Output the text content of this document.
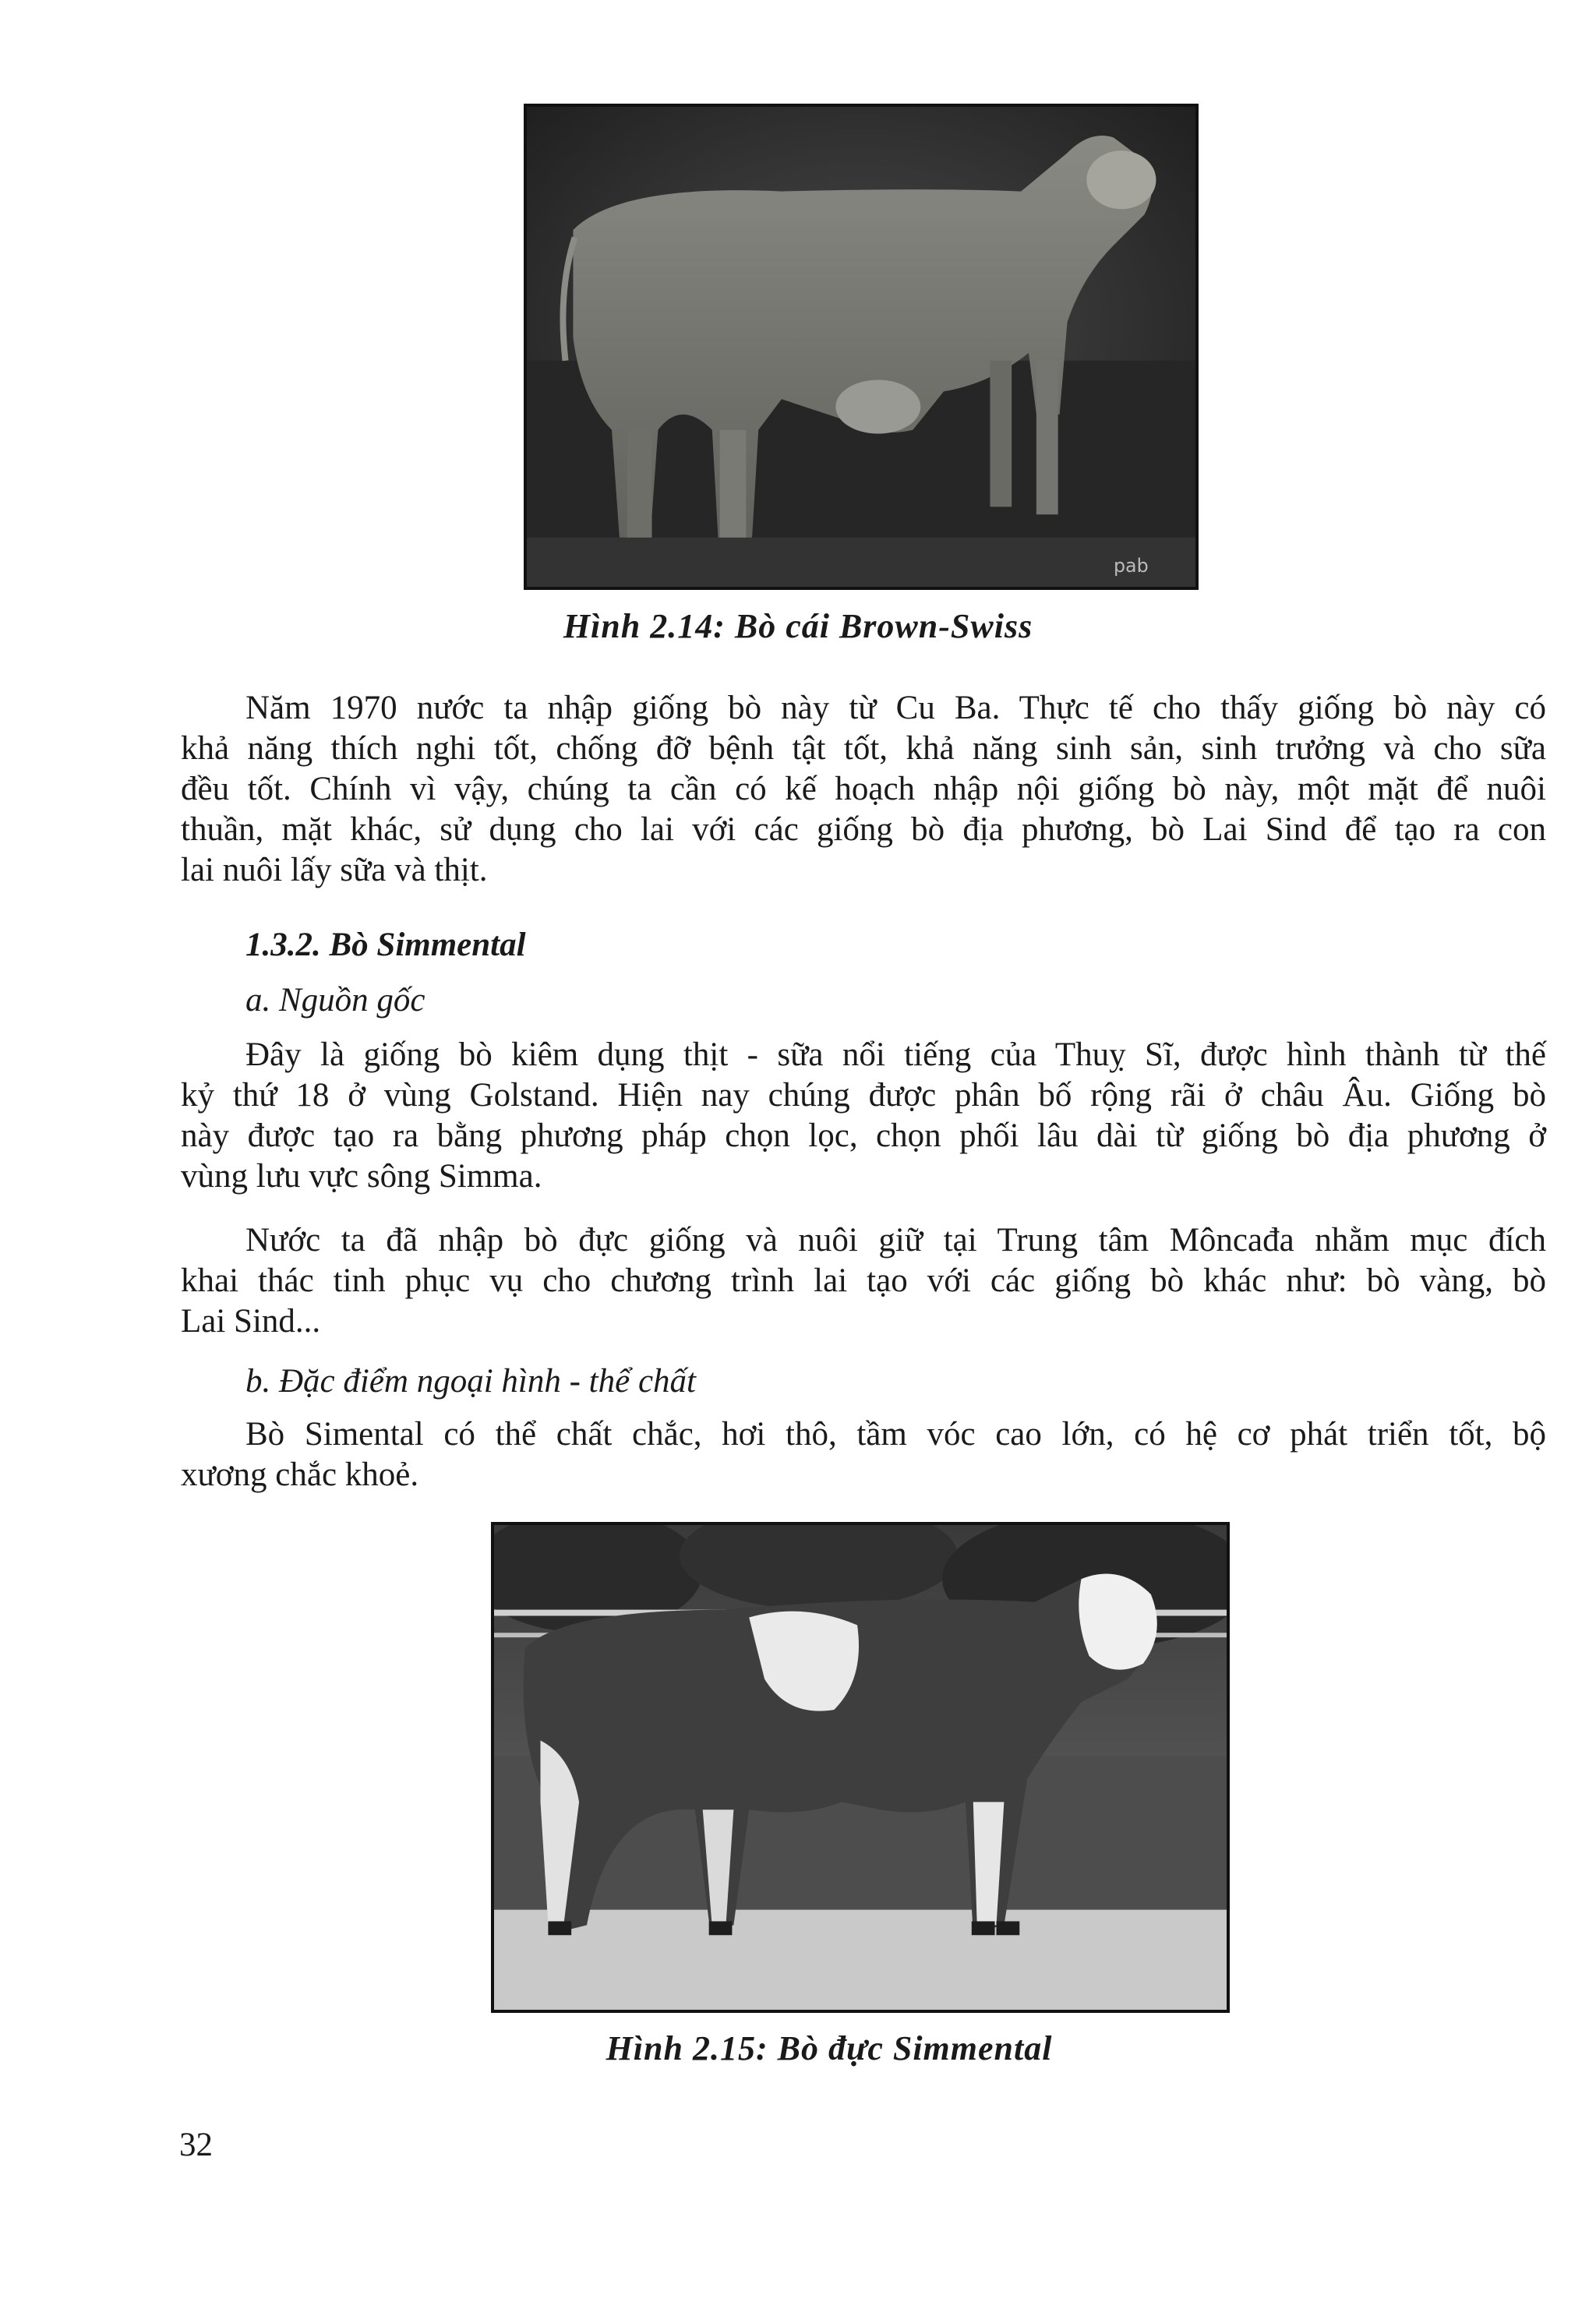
pab
Hình 2.14: Bò cái Brown-Swiss

Năm 1970 nước ta nhập giống bò này từ Cu Ba. Thực tế cho thấy giống bò này có
khả năng thích nghi tốt, chống đỡ bệnh tật tốt, khả năng sinh sản, sinh trưởng và cho sữa
đều tốt. Chính vì vậy, chúng ta cần có kế hoạch nhập nội giống bò này, một mặt để nuôi
thuần, mặt khác, sử dụng cho lai với các giống bò địa phương, bò Lai Sind để tạo ra con
lai nuôi lấy sữa và thịt.

1.3.2. Bò Simmental

a. Nguồn gốc

Đây là giống bò kiêm dụng thịt - sữa nổi tiếng của Thuỵ Sĩ, được hình thành từ thế
kỷ thứ 18 ở vùng Golstand. Hiện nay chúng được phân bố rộng rãi ở châu Âu. Giống bò
này được tạo ra bằng phương pháp chọn lọc, chọn phối lâu dài từ giống bò địa phương ở
vùng lưu vực sông Simma.

Nước ta đã nhập bò đực giống và nuôi giữ tại Trung tâm Môncađa nhằm mục đích
khai thác tinh phục vụ cho chương trình lai tạo với các giống bò khác như: bò vàng, bò
Lai Sind...

b. Đặc điểm ngoại hình - thể chất

Bò Simental có thể chất chắc, hơi thô, tầm vóc cao lớn, có hệ cơ phát triển tốt, bộ
xương chắc khoẻ.

Hình 2.15: Bò đực Simmental
32
